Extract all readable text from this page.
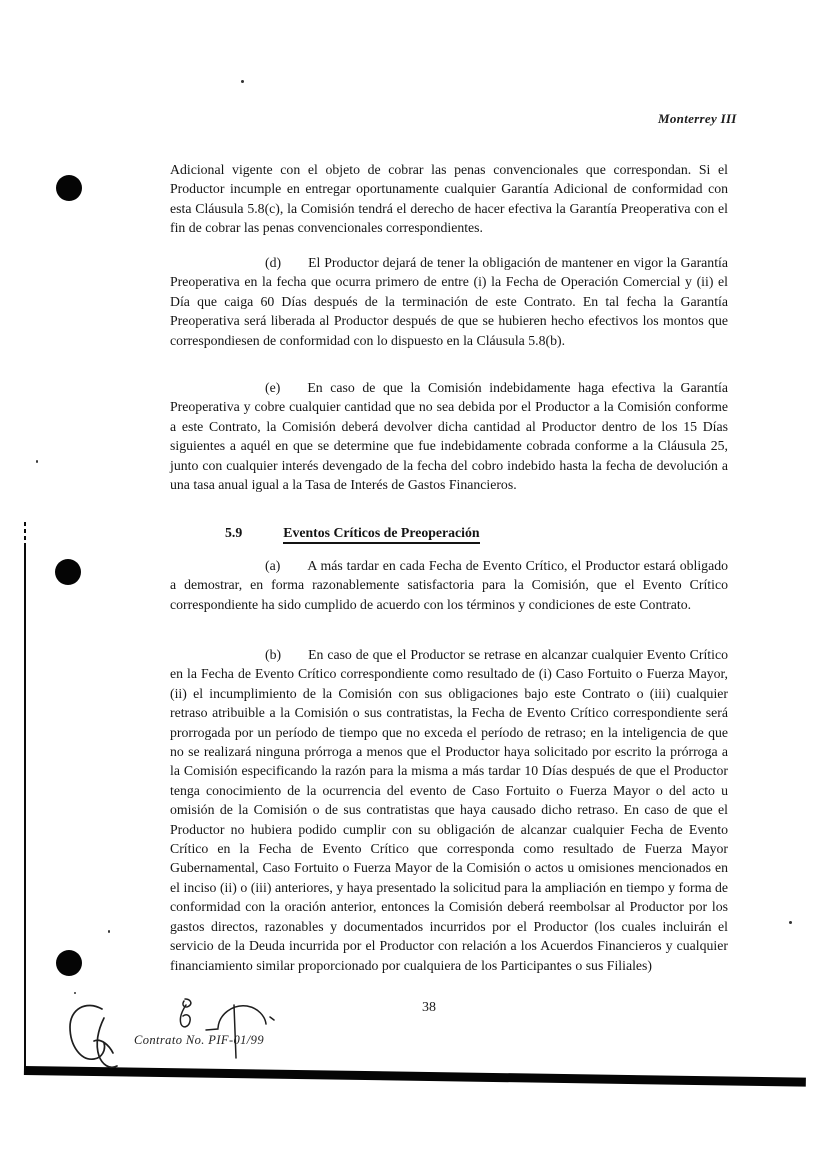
Monterrey III

Adicional vigente con el objeto de cobrar las penas convencionales que correspondan. Si el Productor incumple en entregar oportunamente cualquier Garantía Adicional de conformidad con esta Cláusula 5.8(c), la Comisión tendrá el derecho de hacer efectiva la Garantía Preoperativa con el fin de cobrar las penas convencionales correspondientes.

(d) El Productor dejará de tener la obligación de mantener en vigor la Garantía Preoperativa en la fecha que ocurra primero de entre (i) la Fecha de Operación Comercial y (ii) el Día que caiga 60 Días después de la terminación de este Contrato. En tal fecha la Garantía Preoperativa será liberada al Productor después de que se hubieren hecho efectivos los montos que correspondiesen de conformidad con lo dispuesto en la Cláusula 5.8(b).

(e) En caso de que la Comisión indebidamente haga efectiva la Garantía Preoperativa y cobre cualquier cantidad que no sea debida por el Productor a la Comisión conforme a este Contrato, la Comisión deberá devolver dicha cantidad al Productor dentro de los 15 Días siguientes a aquél en que se determine que fue indebidamente cobrada conforme a la Cláusula 25, junto con cualquier interés devengado de la fecha del cobro indebido hasta la fecha de devolución a una tasa anual igual a la Tasa de Interés de Gastos Financieros.

5.9	Eventos Críticos de Preoperación

(a) A más tardar en cada Fecha de Evento Crítico, el Productor estará obligado a demostrar, en forma razonablemente satisfactoria para la Comisión, que el Evento Crítico correspondiente ha sido cumplido de acuerdo con los términos y condiciones de este Contrato.

(b) En caso de que el Productor se retrase en alcanzar cualquier Evento Crítico en la Fecha de Evento Crítico correspondiente como resultado de (i) Caso Fortuito o Fuerza Mayor, (ii) el incumplimiento de la Comisión con sus obligaciones bajo este Contrato o (iii) cualquier retraso atribuible a la Comisión o sus contratistas, la Fecha de Evento Crítico correspondiente será prorrogada por un período de tiempo que no exceda el período de retraso; en la inteligencia de que no se realizará ninguna prórroga a menos que el Productor haya solicitado por escrito la prórroga a la Comisión especificando la razón para la misma a más tardar 10 Días después de que el Productor tenga conocimiento de la ocurrencia del evento de Caso Fortuito o Fuerza Mayor o del acto u omisión de la Comisión o de sus contratistas que haya causado dicho retraso. En caso de que el Productor no hubiera podido cumplir con su obligación de alcanzar cualquier Fecha de Evento Crítico en la Fecha de Evento Crítico que corresponda como resultado de Fuerza Mayor Gubernamental, Caso Fortuito o Fuerza Mayor de la Comisión o actos u omisiones mencionados en el inciso (ii) o (iii) anteriores, y haya presentado la solicitud para la ampliación en tiempo y forma de conformidad con la oración anterior, entonces la Comisión deberá reembolsar al Productor por los gastos directos, razonables y documentados incurridos por el Productor (los cuales incluirán el servicio de la Deuda incurrida por el Productor con relación a los Acuerdos Financieros y cualquier financiamiento similar proporcionado por cualquiera de los Participantes o sus Filiales)

38
Contrato No. PIF-01/99
